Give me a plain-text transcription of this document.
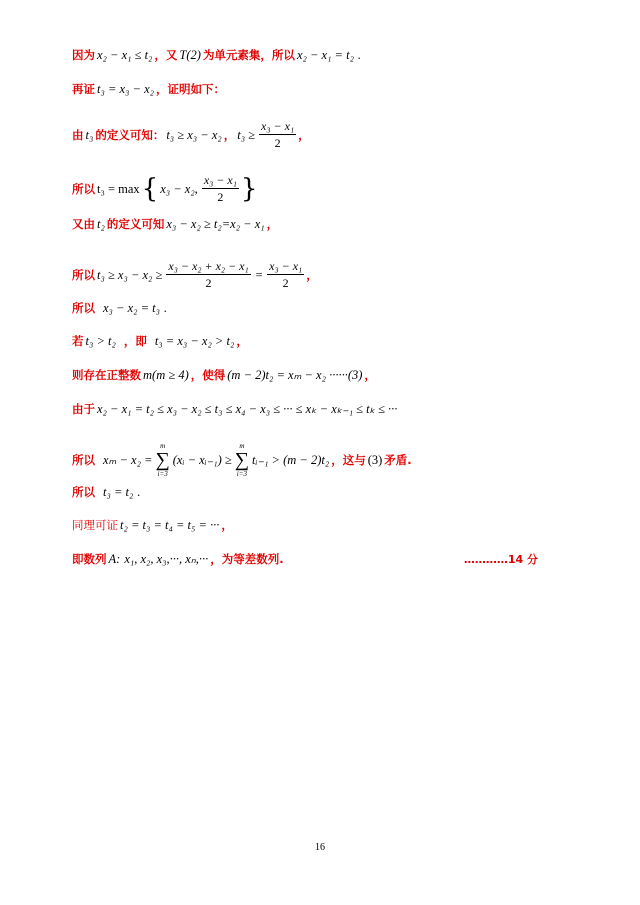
因为 x₂ − x₁ ≤ t₂ ，又 T(2) 为单元素集，所以 x₂ − x₁ = t₂ .
再证 t₃ = x₃ − x₂ ，证明如下：
由 t₃ 的定义可知： t₃ ≥ x₃ − x₂ ， $t_3 \ge \frac{\text{x₃ − x₁}}{2}$ ，
所以 t₃ = max { x₃ − x₂, $\frac{\text{x₃ − x₁}}{2}$ }
又由 t₂ 的定义可知 x₃ − x₂ ≥ t₂=x₂ − x₁ ，
所以 $t_3 \ge x_3 - x_2 \ge \frac{\text{x₃ − x₂ + x₂ − x₁}}{2} = \frac{\text{x₃ − x₁}}{2}$ ，
所以 x₃ − x₂ = t₃ .
若 t₃ > t₂ ，即 t₃ = x₃ − x₂ > t₂ ，
则存在正整数 m(m ≥ 4) ，使得 (m − 2)t₂ = xₘ − x₂ ······(3) ，
由于 x₂ − x₁ = t₂ ≤ x₃ − x₂ ≤ t₃ ≤ x₄ − x₃ ≤ ··· ≤ xₖ − xₖ₋₁ ≤ tₖ ≤ ···
所以 xₘ − x₂ =
m
∑
i=3
(xᵢ − xᵢ₋₁) ≥
m
∑
i=3
tᵢ₋₁ > (m − 2)t₂ ，这与 (3) 矛盾.
所以 t₃ = t₂ .
同理可证 t₂ = t₃ = t₄ = t₅ = ··· ，
即数列 A: x₁, x₂, x₃,···, xₙ,··· ，为等差数列.	…………14 分
16
